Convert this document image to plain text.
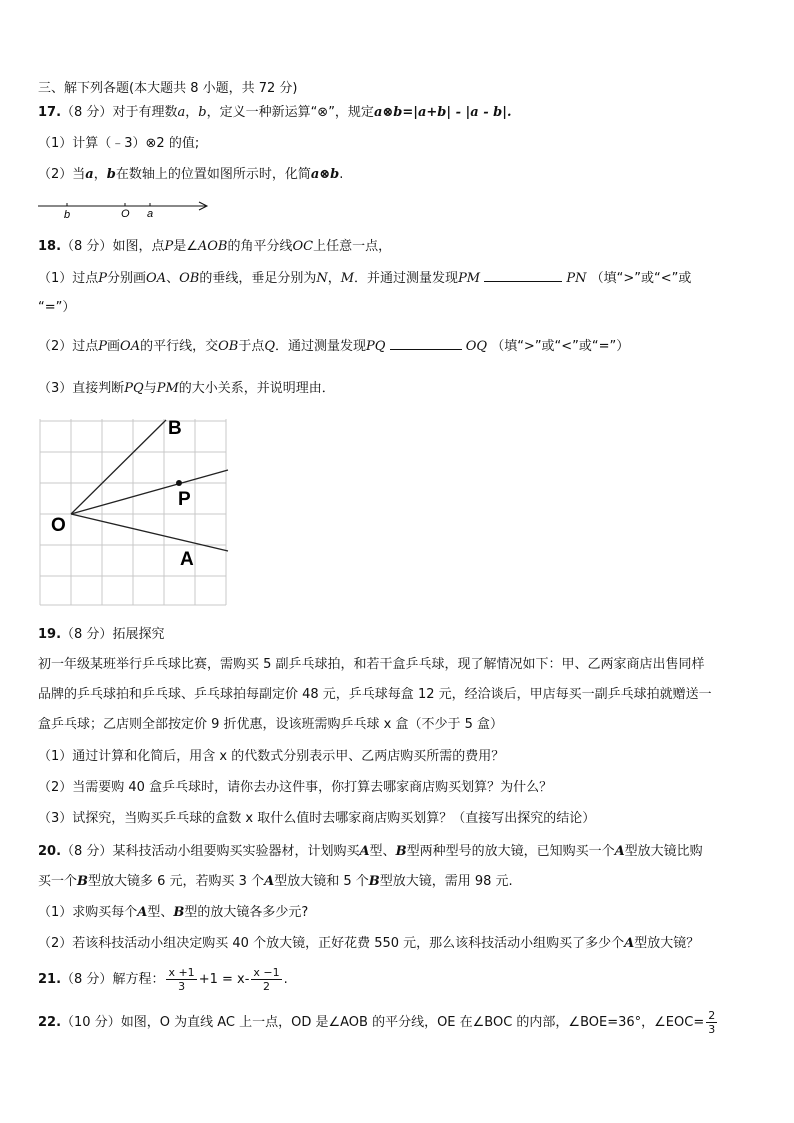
三、解下列各题(本大题共 8 小题，共 72 分)
17.（8 分）对于有理数a，b，定义一种新运算“⊗”，规定a⊗b=|a+b| - |a - b|.
（1）计算（﹣3）⊗2 的值;
（2）当a，b在数轴上的位置如图所示时，化简a⊗b.
b	O a
18.（8 分）如图，点P是∠AOB的角平分线OC上任意一点，
（1）过点P分别画OA、OB的垂线，垂足分别为N，M．并通过测量发现PM	PN （填“>”或“<”或
“=”）
（2）过点P画OA的平行线，交OB于点Q．通过测量发现PQ	OQ （填“>”或“<”或“=”）
（3）直接判断PQ与PM的大小关系，并说明理由．
B
P
O
A
19.（8 分）拓展探究
初一年级某班举行乒乓球比赛，需购买 5 副乒乓球拍，和若干盒乒乓球，现了解情况如下：甲、乙两家商店出售同样
品牌的乒乓球拍和乒乓球、乒乓球拍每副定价 48 元，乒乓球每盒 12 元，经洽谈后，甲店每买一副乒乓球拍就赠送一
盒乒乓球；乙店则全部按定价 9 折优惠，设该班需购乒乓球 x 盒（不少于 5 盒）
（1）通过计算和化简后，用含 x 的代数式分别表示甲、乙两店购买所需的费用？
（2）当需要购 40 盒乒乓球时，请你去办这件事，你打算去哪家商店购买划算？为什么？
（3）试探究，当购买乒乓球的盒数 x 取什么值时去哪家商店购买划算？（直接写出探究的结论）
20.（8 分）某科技活动小组要购买实验器材，计划购买A型、B型两种型号的放大镜，已知购买一个A型放大镜比购
买一个B型放大镜多 6 元，若购买 3 个A型放大镜和 5 个B型放大镜，需用 98 元.
（1）求购买每个A型、B型的放大镜各多少元?
（2）若该科技活动小组决定购买 40 个放大镜，正好花费 550 元，那么该科技活动小组购买了多少个A型放大镜？
21.（8 分）解方程： $\frac{x +1}{3} +1 = x- \frac{x -1}{2}$ .
22.（10 分）如图，O 为直线 AC 上一点，OD 是∠AOB 的平分线，OE 在∠BOC 的内部，∠BOE=36°，∠EOC= $\frac{2}{3}$
